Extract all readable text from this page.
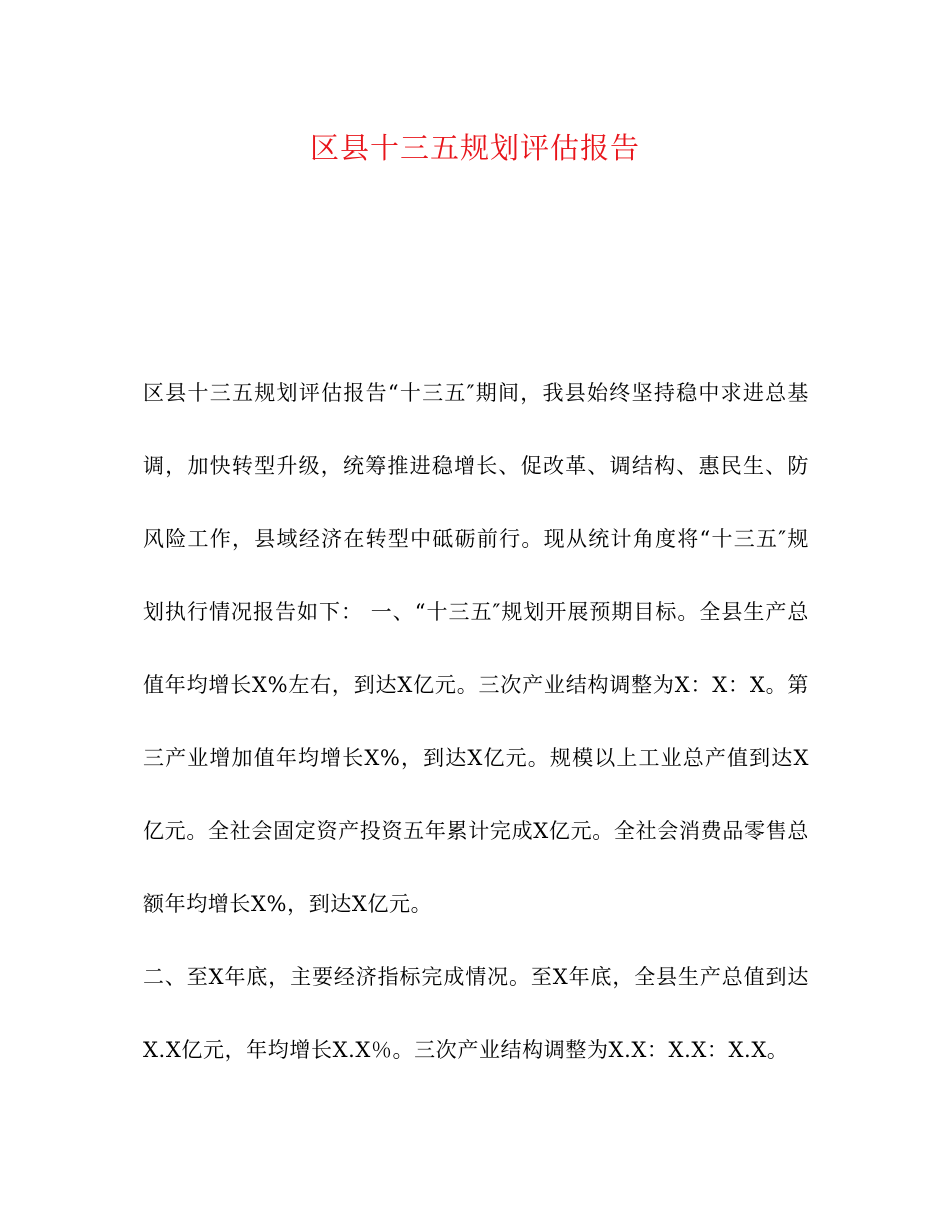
区县十三五规划评估报告

区县十三五规划评估报告“十三五″期间，我县始终坚持稳中求进总基调，加快转型升级，统筹推进稳增长、促改革、调结构、惠民生、防风险工作，县域经济在转型中砥砺前行。现从统计角度将“十三五″规划执行情况报告如下： 一、“十三五″规划开展预期目标。全县生产总值年均增长X%左右，到达X亿元。三次产业结构调整为X：X：X。第三产业增加值年均增长X%，到达X亿元。规模以上工业总产值到达X亿元。全社会固定资产投资五年累计完成X亿元。全社会消费品零售总额年均增长X%，到达X亿元。

二、至X年底，主要经济指标完成情况。至X年底，全县生产总值到达X.X亿元，年均增长X.X％。三次产业结构调整为X.X：X.X：X.X。
